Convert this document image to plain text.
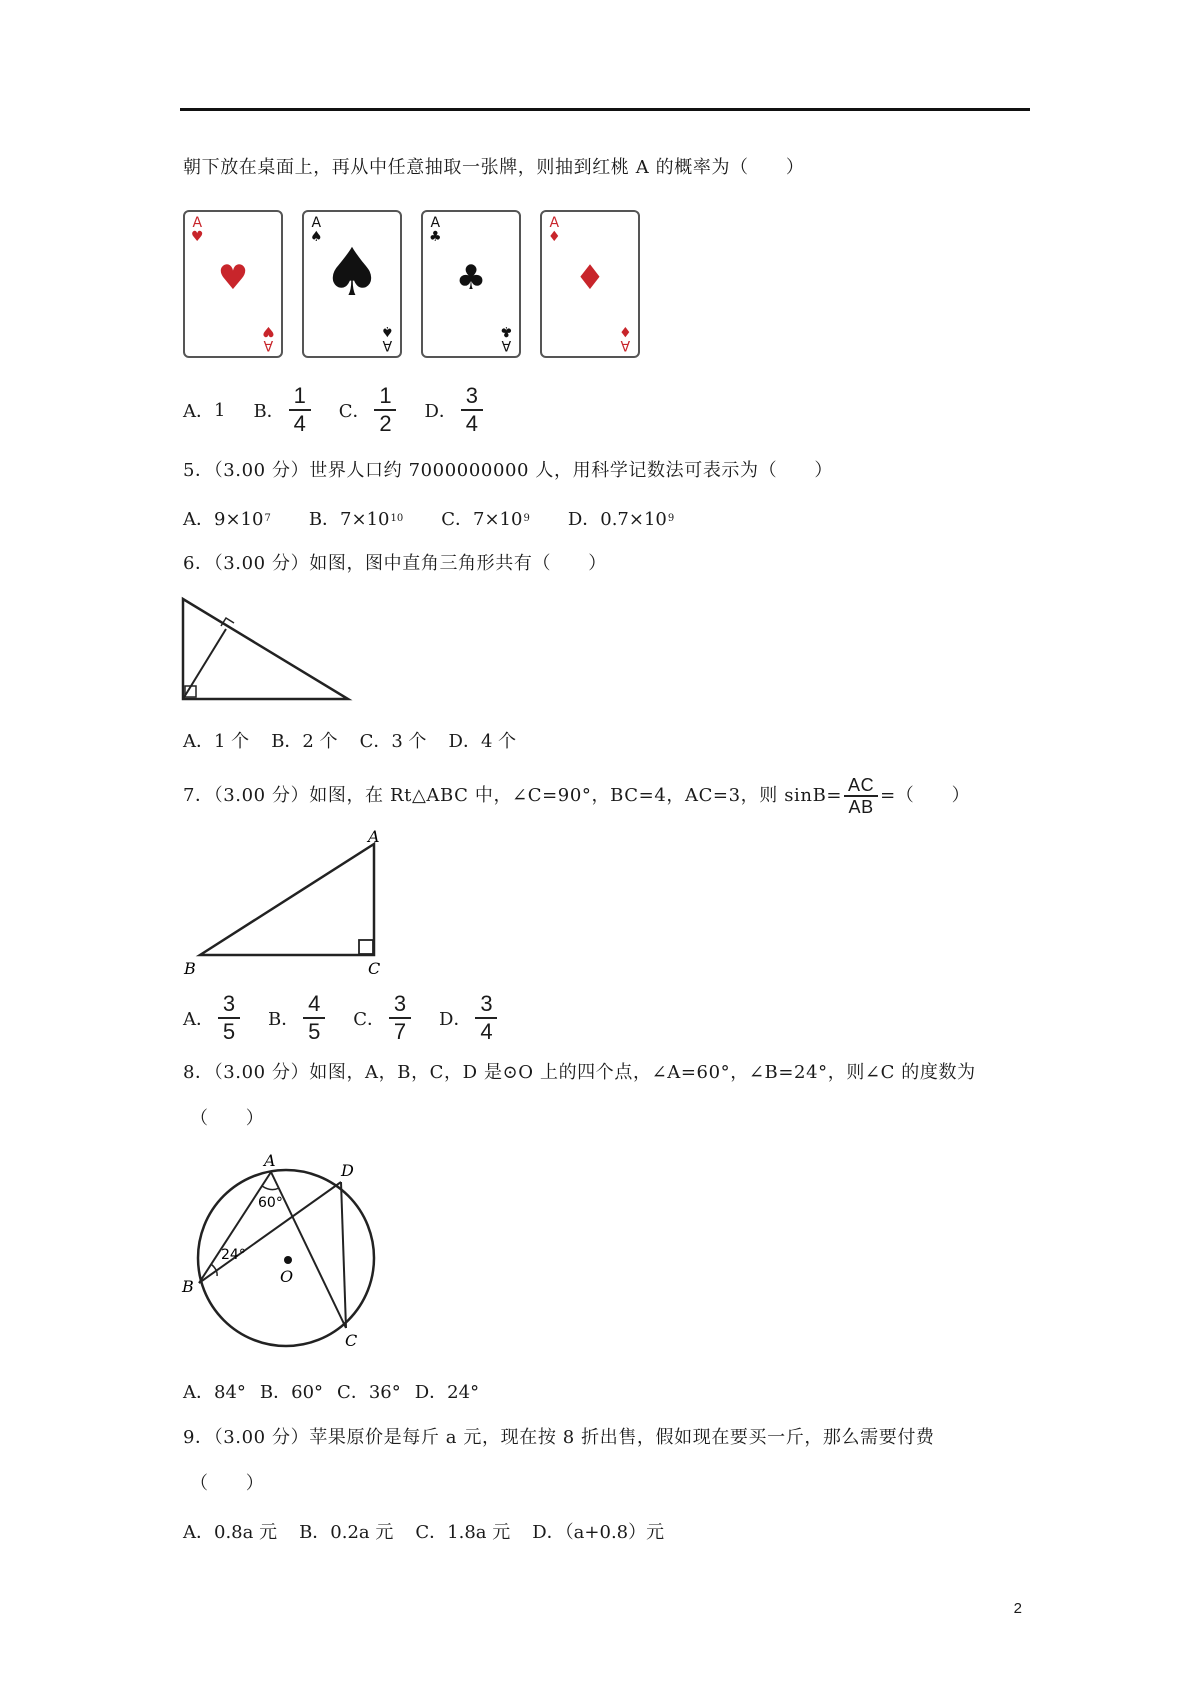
朝下放在桌面上，再从中任意抽取一张牌，则抽到红桃 A 的概率为（　　）
A
♥
♥
A
♥
A
♠ ♠
A
♠
A
♣
♣
A
♣
A
♦
♦
A
♦
A． 1 B． $\frac{1}{4}$ C． $\frac{1}{2}$ D． $\frac{3}{4}$
5．（3.00 分）世界人口约 7000000000 人，用科学记数法可表示为（　　）
A．9×10 7 B．7×10 10 C．7×10 9 D．0.7×10 9
6．（3.00 分）如图，图中直角三角形共有（　　）
A．1 个 B．2 个 C．3 个 D．4 个
7．（3.00 分）如图，在 Rt△ABC 中，∠C=90°，BC=4，AC=3，则 sinB= AC
AB
=（　　）
A
B	C
A． $\frac{3}{5}$ B． $\frac{4}{5}$ C． $\frac{3}{7}$ D． $\frac{3}{4}$
8．（3.00 分）如图，A，B，C，D 是⊙O 上的四个点，∠A=60°，∠B=24°，则∠C 的度数为
（　　）
A
D
B
O
C
60°
24°
A．84° B．60° C．36° D．24°
9．（3.00 分）苹果原价是每斤 a 元，现在按 8 折出售，假如现在要买一斤，那么需要付费
（　　）
A．0.8a 元 B．0.2a 元 C．1.8a 元 D．（a+0.8）元
2
